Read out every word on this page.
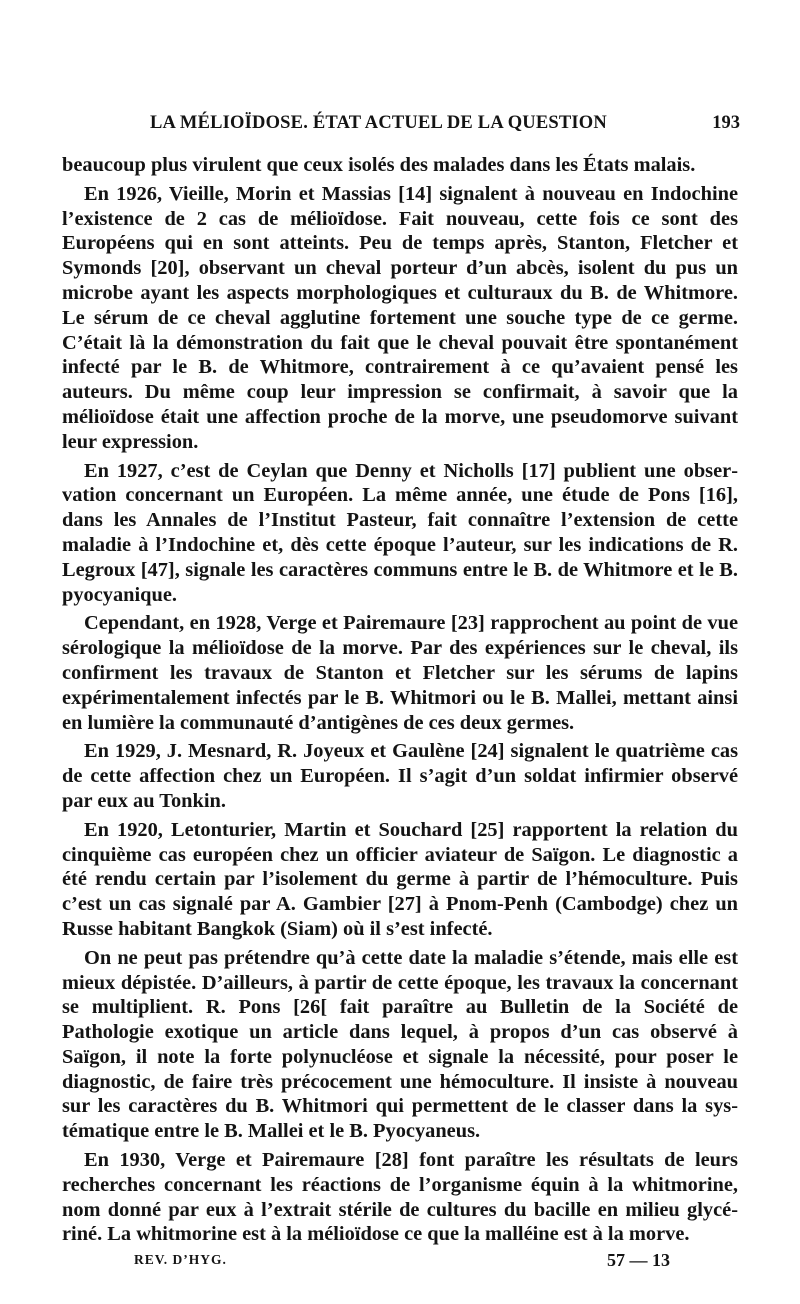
LA MÉLIOÏDOSE. ÉTAT ACTUEL DE LA QUESTION	193

beaucoup plus virulent que ceux isolés des malades dans les États malais.

En 1926, Vieille, Morin et Massias [14] signalent à nouveau en Indochine l’existence de 2 cas de mélioïdose. Fait nouveau, cette fois ce sont des Européens qui en sont atteints. Peu de temps après, Stanton, Fletcher et Symonds [20], observant un cheval porteur d’un abcès, isolent du pus un microbe ayant les aspects morphologiques et culturaux du B. de Whitmore. Le sérum de ce cheval agglutine fortement une souche type de ce germe. C’était là la démonstration du fait que le cheval pouvait être spontanément infecté par le B. de Whitmore, contrairement à ce qu’avaient pensé les auteurs. Du même coup leur impression se confirmait, à savoir que la mélioïdose était une affection proche de la morve, une pseudomorve suivant leur expression.

En 1927, c’est de Ceylan que Denny et Nicholls [17] publient une observation concernant un Européen. La même année, une étude de Pons [16], dans les Annales de l’Institut Pasteur, fait connaître l’extension de cette maladie à l’Indochine et, dès cette époque l’auteur, sur les indications de R. Legroux [47], signale les caractères communs entre le B. de Whitmore et le B. pyocyanique.

Cependant, en 1928, Verge et Pairemaure [23] rapprochent au point de vue sérologique la mélioïdose de la morve. Par des expériences sur le cheval, ils confirment les travaux de Stanton et Fletcher sur les sérums de lapins expérimentalement infectés par le B. Whitmori ou le B. Mallei, mettant ainsi en lumière la communauté d’antigènes de ces deux germes.

En 1929, J. Mesnard, R. Joyeux et Gaulène [24] signalent le quatrième cas de cette affection chez un Européen. Il s’agit d’un soldat infirmier observé par eux au Tonkin.

En 1920, Letonturier, Martin et Souchard [25] rapportent la relation du cinquième cas européen chez un officier aviateur de Saïgon. Le diagnostic a été rendu certain par l’isolement du germe à partir de l’hémoculture. Puis c’est un cas signalé par A. Gambier [27] à Pnom-Penh (Cambodge) chez un Russe habitant Bangkok (Siam) où il s’est infecté.

On ne peut pas prétendre qu’à cette date la maladie s’étende, mais elle est mieux dépistée. D’ailleurs, à partir de cette époque, les travaux la concernant se multiplient. R. Pons [26[ fait paraître au Bulletin de la Société de Pathologie exotique un article dans lequel, à propos d’un cas observé à Saïgon, il note la forte polynucléose et signale la nécessité, pour poser le diagnostic, de faire très précocement une hémoculture. Il insiste à nouveau sur les caractères du B. Whitmori qui permettent de le classer dans la systématique entre le B. Mallei et le B. Pyocyaneus.

En 1930, Verge et Pairemaure [28] font paraître les résultats de leurs recherches concernant les réactions de l’organisme équin à la whitmorine, nom donné par eux à l’extrait stérile de cultures du bacille en milieu glycériné. La whitmorine est à la mélioïdose ce que la malléine est à la morve.

REV. D’HYG.	57 — 13
